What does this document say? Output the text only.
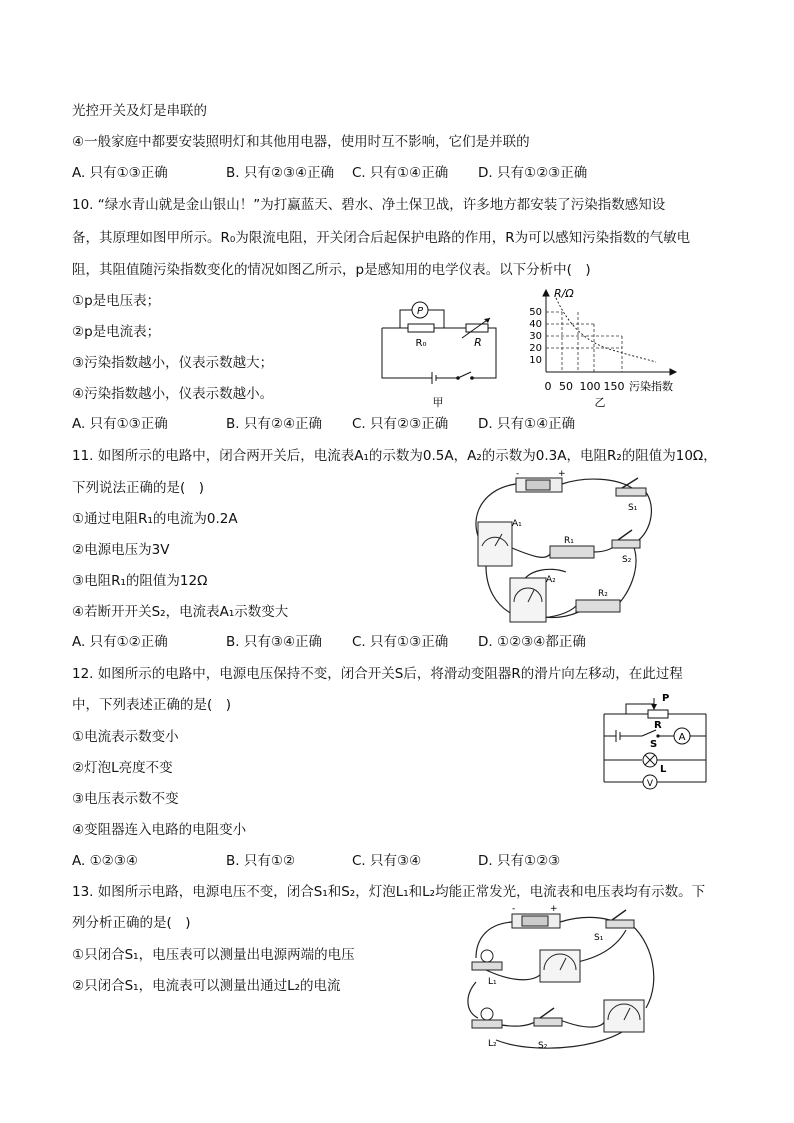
光控开关及灯是串联的
④一般家庭中都要安装照明灯和其他用电器，使用时互不影响，它们是并联的
A. 只有①③正确	B. 只有②③④正确 C. 只有①④正确 D. 只有①②③正确
10. “绿水青山就是金山银山！”为打赢蓝天、碧水、净土保卫战，许多地方都安装了污染指数感知设
备，其原理如图甲所示。R₀为限流电阻，开关闭合后起保护电路的作用，R为可以感知污染指数的气敏电
阻，其阻值随污染指数变化的情况如图乙所示，p是感知用的电学仪表。以下分析中(　)
①p是电压表；
②p是电流表；
③污染指数越小，仪表示数越大；
④污染指数越小，仪表示数越小。
P
R₀	R
甲
R/Ω
50
40
30
20
10
0 50 100 150 污染指数
乙
A. 只有①③正确	B. 只有②④正确 C. 只有②③正确 D. 只有①④正确
11. 如图所示的电路中，闭合两开关后，电流表A₁的示数为0.5A，A₂的示数为0.3A，电阻R₂的阻值为10Ω，
下列说法正确的是(　)
①通过电阻R₁的电流为0.2A
②电源电压为3V
③电阻R₁的阻值为12Ω
④若断开开关S₂，电流表A₁示数变大
-	+
S₁
A₁
R₁
S₂
A₂
R₂
A. 只有①②正确	B. 只有③④正确 C. 只有①③正确 D. ①②③④都正确
12. 如图所示的电路中，电源电压保持不变，闭合开关S后，将滑动变阻器R的滑片向左移动，在此过程
中，下列表述正确的是(　)
①电流表示数变小
②灯泡L亮度不变
③电压表示数不变
④变阻器连入电路的电阻变小
P
R
S
A
L
V
A. ①②③④	B. 只有①②	C. 只有③④	D. 只有①②③
13. 如图所示电路，电源电压不变，闭合S₁和S₂，灯泡L₁和L₂均能正常发光，电流表和电压表均有示数。下
列分析正确的是(　)
①只闭合S₁，电压表可以测量出电源两端的电压
②只闭合S₁，电流表可以测量出通过L₂的电流
-	+
S₁
L₁
L₂	S₂
